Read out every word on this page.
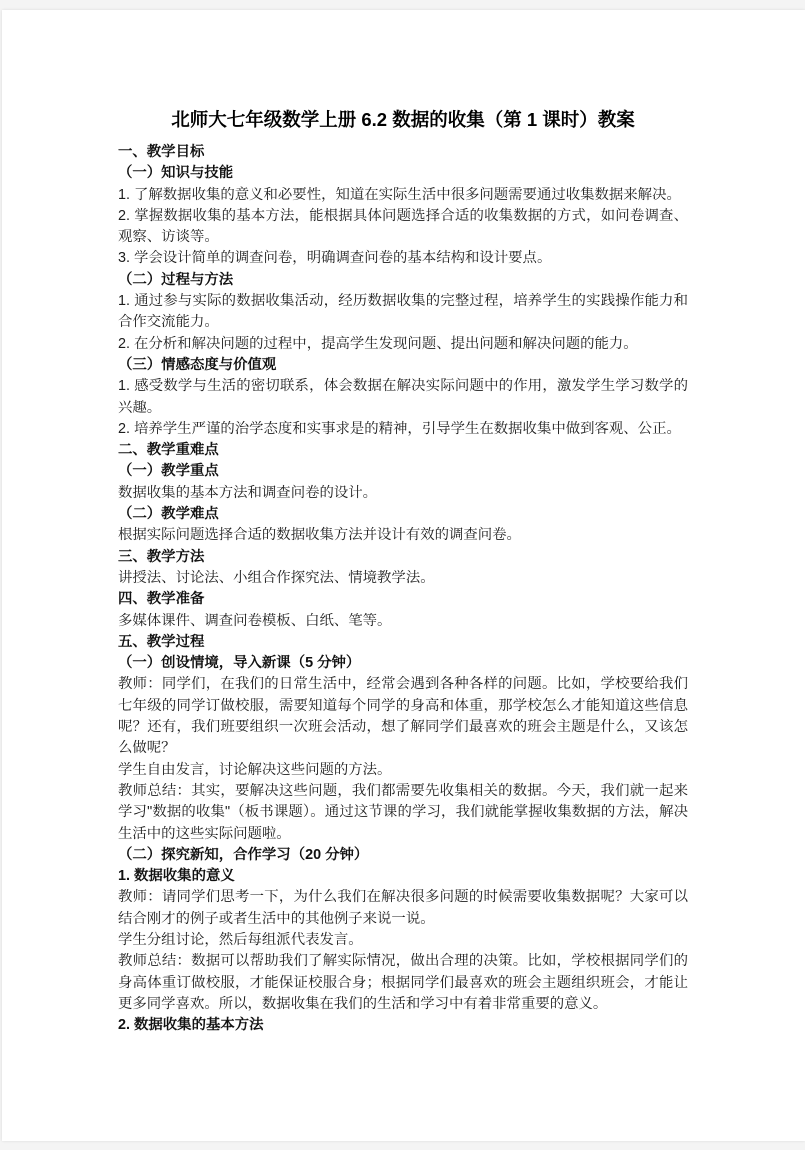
北师大七年级数学上册 6.2 数据的收集（第 1 课时）教案

一、教学目标

（一）知识与技能

1. 了解数据收集的意义和必要性，知道在实际生活中很多问题需要通过收集数据来解决。

2. 掌握数据收集的基本方法，能根据具体问题选择合适的收集数据的方式，如问卷调查、观察、访谈等。

3. 学会设计简单的调查问卷，明确调查问卷的基本结构和设计要点。

（二）过程与方法

1. 通过参与实际的数据收集活动，经历数据收集的完整过程，培养学生的实践操作能力和合作交流能力。

2. 在分析和解决问题的过程中，提高学生发现问题、提出问题和解决问题的能力。

（三）情感态度与价值观

1. 感受数学与生活的密切联系，体会数据在解决实际问题中的作用，激发学生学习数学的兴趣。

2. 培养学生严谨的治学态度和实事求是的精神，引导学生在数据收集中做到客观、公正。

二、教学重难点

（一）教学重点

数据收集的基本方法和调查问卷的设计。

（二）教学难点

根据实际问题选择合适的数据收集方法并设计有效的调查问卷。

三、教学方法

讲授法、讨论法、小组合作探究法、情境教学法。

四、教学准备

多媒体课件、调查问卷模板、白纸、笔等。

五、教学过程

（一）创设情境，导入新课（5 分钟）

教师：同学们，在我们的日常生活中，经常会遇到各种各样的问题。比如，学校要给我们七年级的同学订做校服，需要知道每个同学的身高和体重，那学校怎么才能知道这些信息呢？还有，我们班要组织一次班会活动，想了解同学们最喜欢的班会主题是什么，又该怎么做呢？

学生自由发言，讨论解决这些问题的方法。

教师总结：其实，要解决这些问题，我们都需要先收集相关的数据。今天，我们就一起来学习"数据的收集"（板书课题）。通过这节课的学习，我们就能掌握收集数据的方法，解决生活中的这些实际问题啦。

（二）探究新知，合作学习（20 分钟）

1. 数据收集的意义

教师：请同学们思考一下，为什么我们在解决很多问题的时候需要收集数据呢？大家可以结合刚才的例子或者生活中的其他例子来说一说。

学生分组讨论，然后每组派代表发言。

教师总结：数据可以帮助我们了解实际情况，做出合理的决策。比如，学校根据同学们的身高体重订做校服，才能保证校服合身；根据同学们最喜欢的班会主题组织班会，才能让更多同学喜欢。所以，数据收集在我们的生活和学习中有着非常重要的意义。

2. 数据收集的基本方法
